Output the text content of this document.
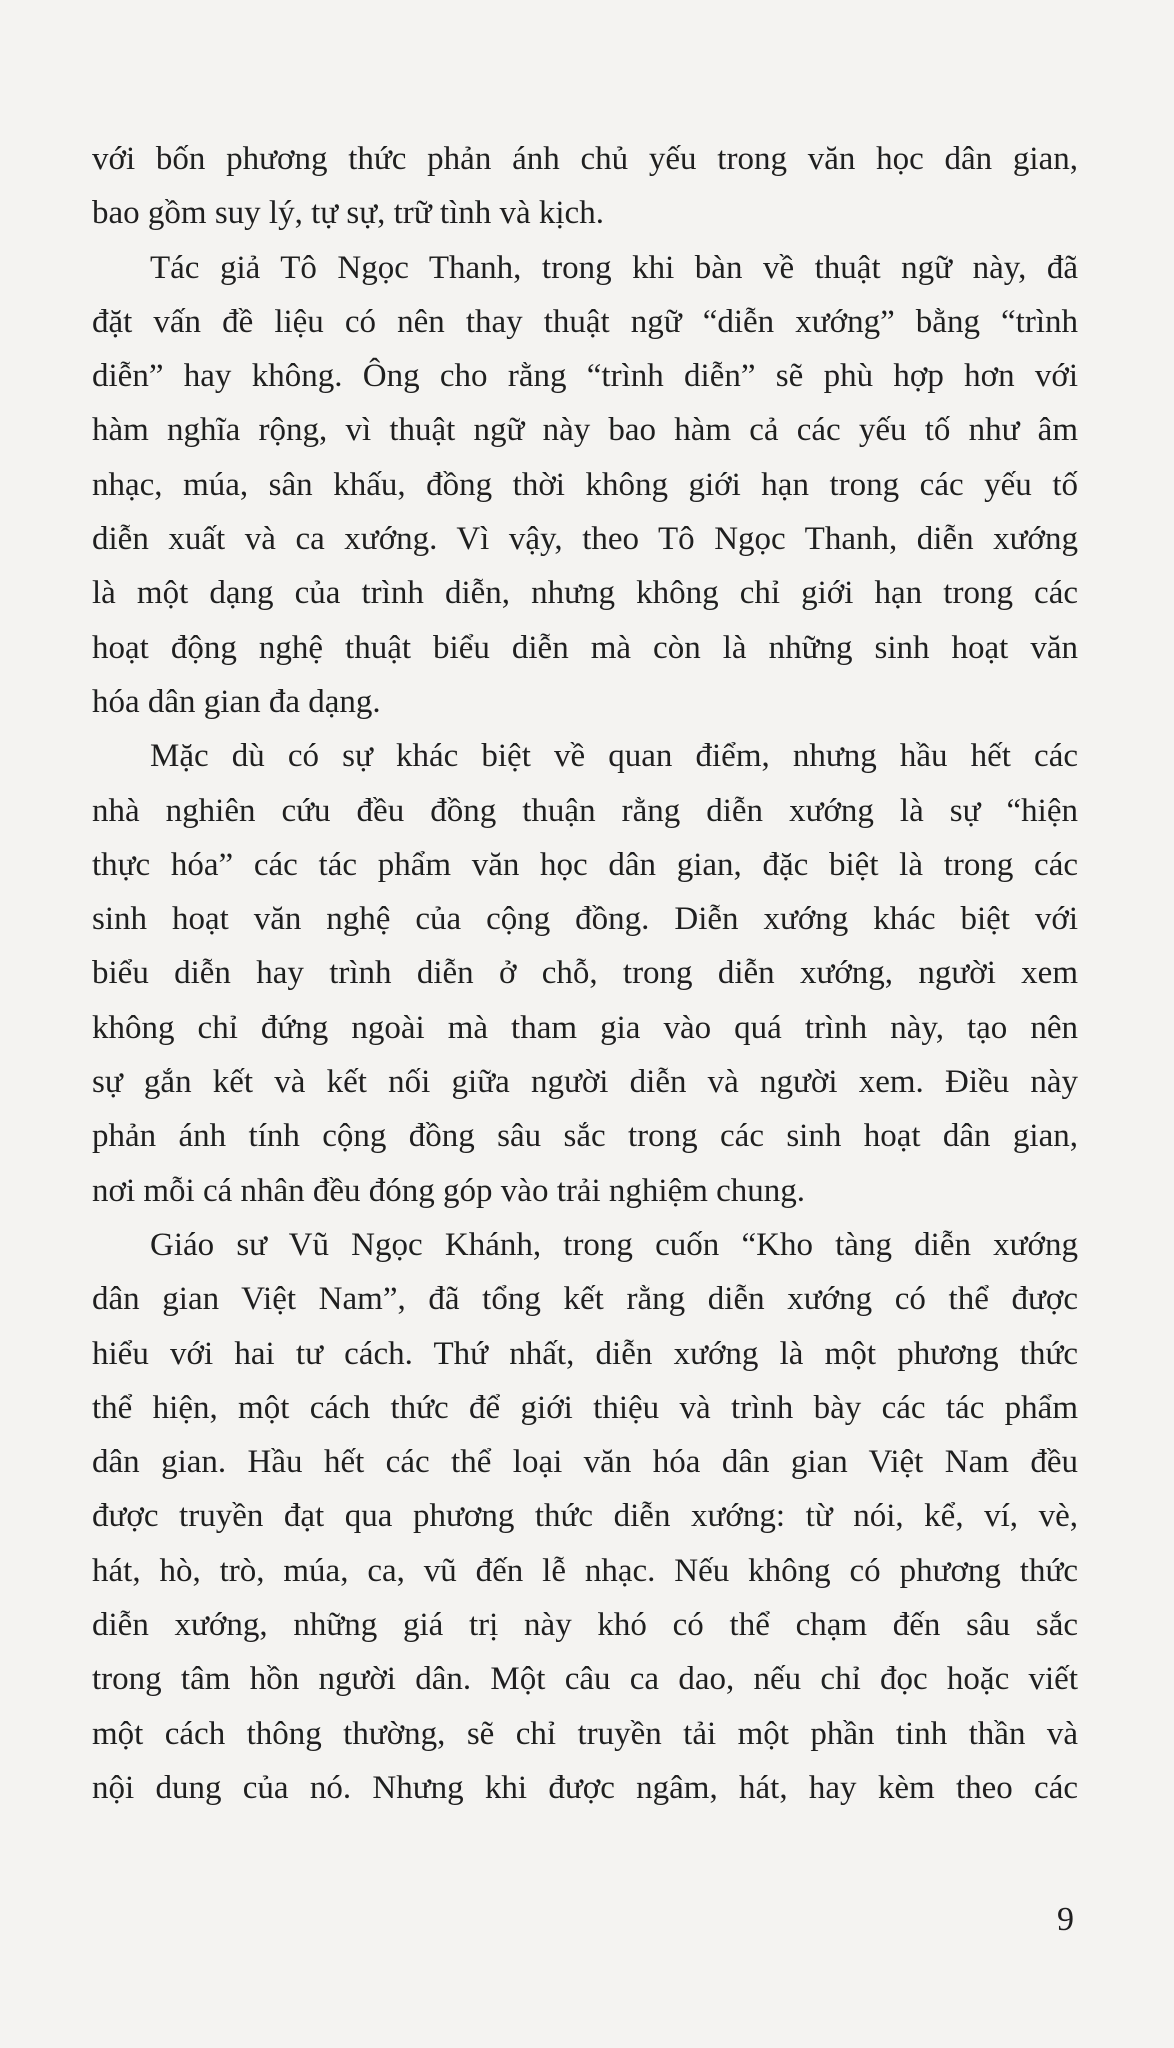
với bốn phương thức phản ánh chủ yếu trong văn học dân gian,
bao gồm suy lý, tự sự, trữ tình và kịch.
Tác giả Tô Ngọc Thanh, trong khi bàn về thuật ngữ này, đã
đặt vấn đề liệu có nên thay thuật ngữ “diễn xướng” bằng “trình
diễn” hay không. Ông cho rằng “trình diễn” sẽ phù hợp hơn với
hàm nghĩa rộng, vì thuật ngữ này bao hàm cả các yếu tố như âm
nhạc, múa, sân khấu, đồng thời không giới hạn trong các yếu tố
diễn xuất và ca xướng. Vì vậy, theo Tô Ngọc Thanh, diễn xướng
là một dạng của trình diễn, nhưng không chỉ giới hạn trong các
hoạt động nghệ thuật biểu diễn mà còn là những sinh hoạt văn
hóa dân gian đa dạng.
Mặc dù có sự khác biệt về quan điểm, nhưng hầu hết các
nhà nghiên cứu đều đồng thuận rằng diễn xướng là sự “hiện
thực hóa” các tác phẩm văn học dân gian, đặc biệt là trong các
sinh hoạt văn nghệ của cộng đồng. Diễn xướng khác biệt với
biểu diễn hay trình diễn ở chỗ, trong diễn xướng, người xem
không chỉ đứng ngoài mà tham gia vào quá trình này, tạo nên
sự gắn kết và kết nối giữa người diễn và người xem. Điều này
phản ánh tính cộng đồng sâu sắc trong các sinh hoạt dân gian,
nơi mỗi cá nhân đều đóng góp vào trải nghiệm chung.
Giáo sư Vũ Ngọc Khánh, trong cuốn “Kho tàng diễn xướng
dân gian Việt Nam”, đã tổng kết rằng diễn xướng có thể được
hiểu với hai tư cách. Thứ nhất, diễn xướng là một phương thức
thể hiện, một cách thức để giới thiệu và trình bày các tác phẩm
dân gian. Hầu hết các thể loại văn hóa dân gian Việt Nam đều
được truyền đạt qua phương thức diễn xướng: từ nói, kể, ví, vè,
hát, hò, trò, múa, ca, vũ đến lễ nhạc. Nếu không có phương thức
diễn xướng, những giá trị này khó có thể chạm đến sâu sắc
trong tâm hồn người dân. Một câu ca dao, nếu chỉ đọc hoặc viết
một cách thông thường, sẽ chỉ truyền tải một phần tinh thần và
nội dung của nó. Nhưng khi được ngâm, hát, hay kèm theo các
9
